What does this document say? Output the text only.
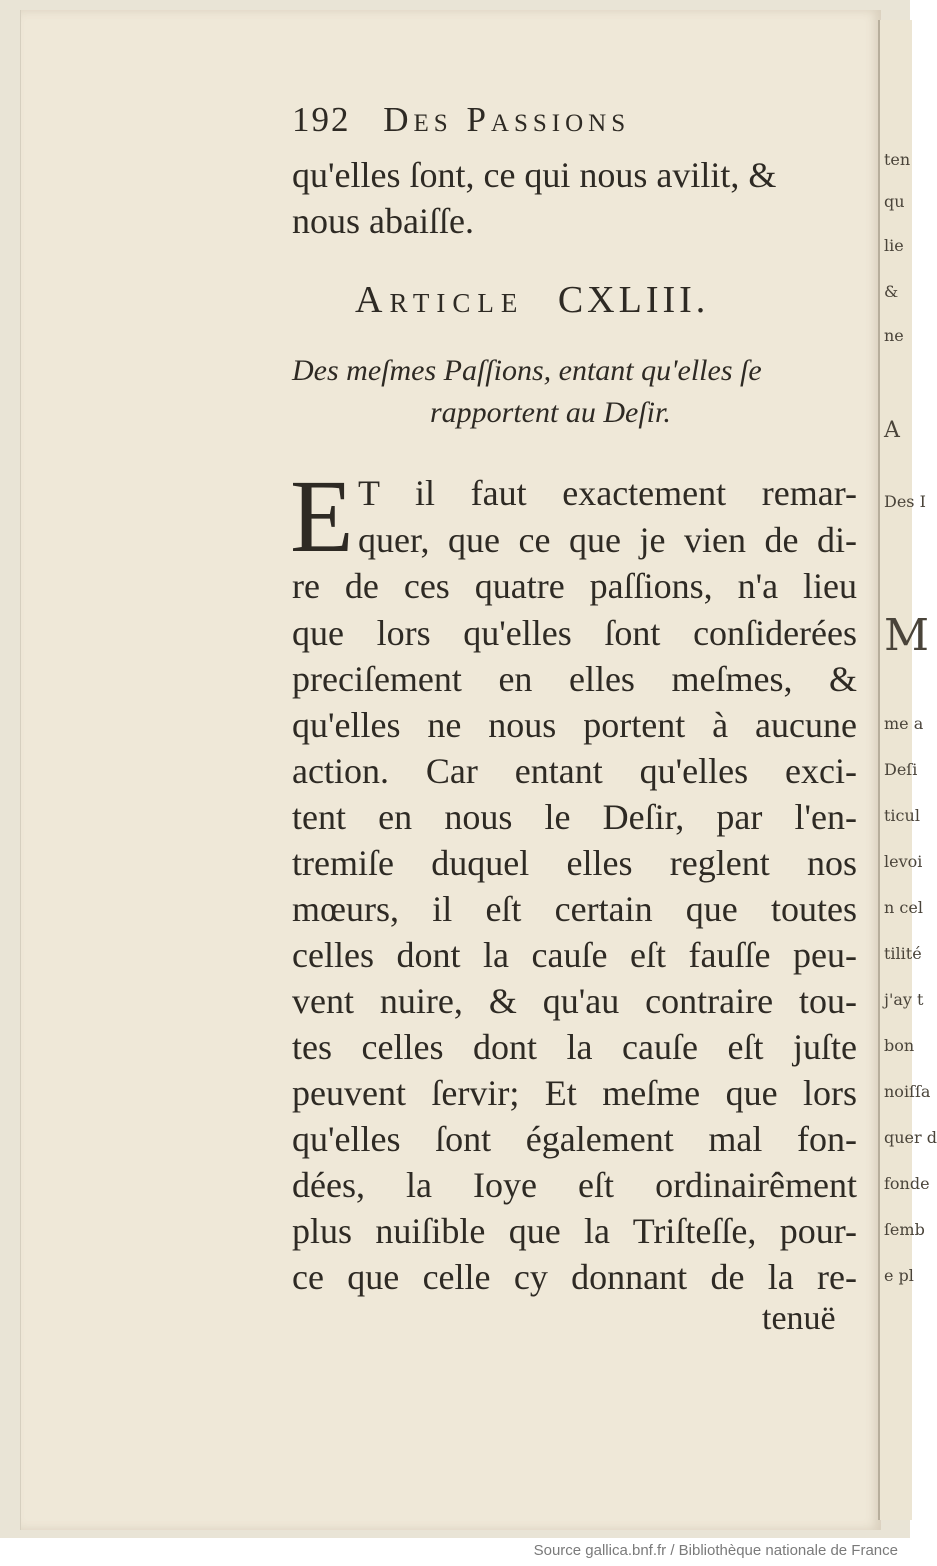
ten
qu
lie
&
ne
A
Des I
M
me a
Deſi
ticul
levoi
n cel
tilité
j'ay t
bon
noiſſa
quer d
fonde
ſemb
e pl
192 Des Passions
qu'elles ſont, ce qui nous avilit, &
nous abaiſſe.
Article CXLIII.
Des meſmes Paſſions, entant qu'elles ſe
rapportent au Deſir.
E T il faut exactement remar-
quer, que ce que je vien de di-
re de ces quatre paſſions, n'a lieu
que lors qu'elles ſont conſiderées
preciſement en elles meſmes, &
qu'elles ne nous portent à aucune
action. Car entant qu'elles exci-
tent en nous le Deſir, par l'en-
tremiſe duquel elles reglent nos
mœurs, il eſt certain que toutes
celles dont la cauſe eſt fauſſe peu-
vent nuire, & qu'au contraire tou-
tes celles dont la cauſe eſt juſte
peuvent ſervir; Et meſme que lors
qu'elles ſont également mal fon-
dées, la Ioye eſt ordinairêment
plus nuiſible que la Triſteſſe, pour-
ce que celle cy donnant de la re-
tenuë
Source gallica.bnf.fr / Bibliothèque nationale de France
